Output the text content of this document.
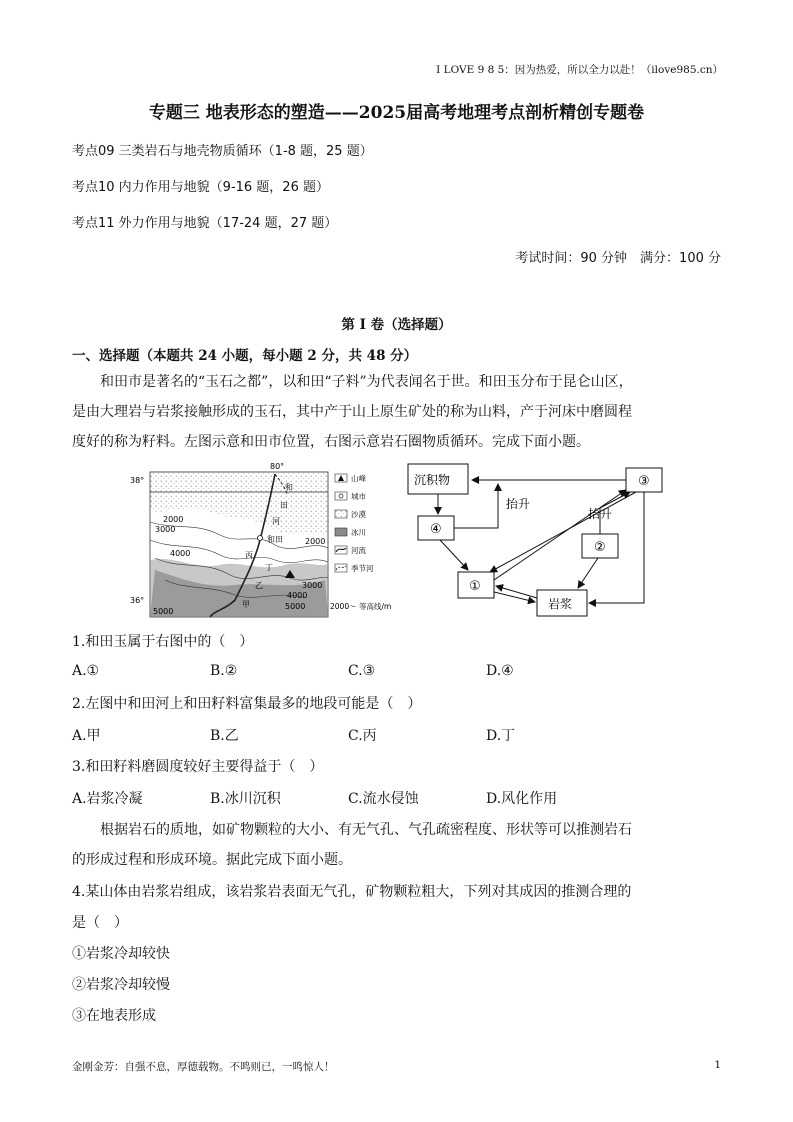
I LOVE 9 8 5：因为热爱，所以全力以赴！（ilove985.cn）
专题三 地表形态的塑造——2025届高考地理考点剖析精创专题卷
考点09 三类岩石与地壳物质循环（1-8 题，25 题）
考点10 内力作用与地貌（9-16 题，26 题）
考点11 外力作用与地貌（17-24 题，27 题）
考试时间：90 分钟　满分：100 分
第 I 卷（选择题）
一、选择题（本题共 24 小题，每小题 2 分，共 48 分）
和田市是著名的“玉石之都”，以和田“子料”为代表闻名于世。和田玉分布于昆仑山区，
是由大理岩与岩浆接触形成的玉石，其中产于山上原生矿处的称为山料，产于河床中磨圆程
度好的称为籽料。左图示意和田市位置，右图示意岩石圈物质循环。完成下面小题。
80°
38°
36°
和
田
河
和田
丙
丁
乙
甲
2000
3000
4000
2000
3000
4000
5000
5000
山峰
城市
沙漠
冰川
河流
季节河
2000～ 等高线/m
沉积物
④
③
②
①
岩浆
抬升
抬升
1.和田玉属于右图中的（　）
A.①	B.②	C.③	D.④
2.左图中和田河上和田籽料富集最多的地段可能是（　）
A.甲	B.乙	C.丙	D.丁
3.和田籽料磨圆度较好主要得益于（　）
A.岩浆冷凝	B.冰川沉积	C.流水侵蚀	D.风化作用
根据岩石的质地，如矿物颗粒的大小、有无气孔、气孔疏密程度、形状等可以推测岩石
的形成过程和形成环境。据此完成下面小题。
4.某山体由岩浆岩组成，该岩浆岩表面无气孔，矿物颗粒粗大，下列对其成因的推测合理的
是（　）
①岩浆冷却较快
②岩浆冷却较慢
③在地表形成
金刚金芳：自强不息，厚德载物。不鸣则已，一鸣惊人！	1
